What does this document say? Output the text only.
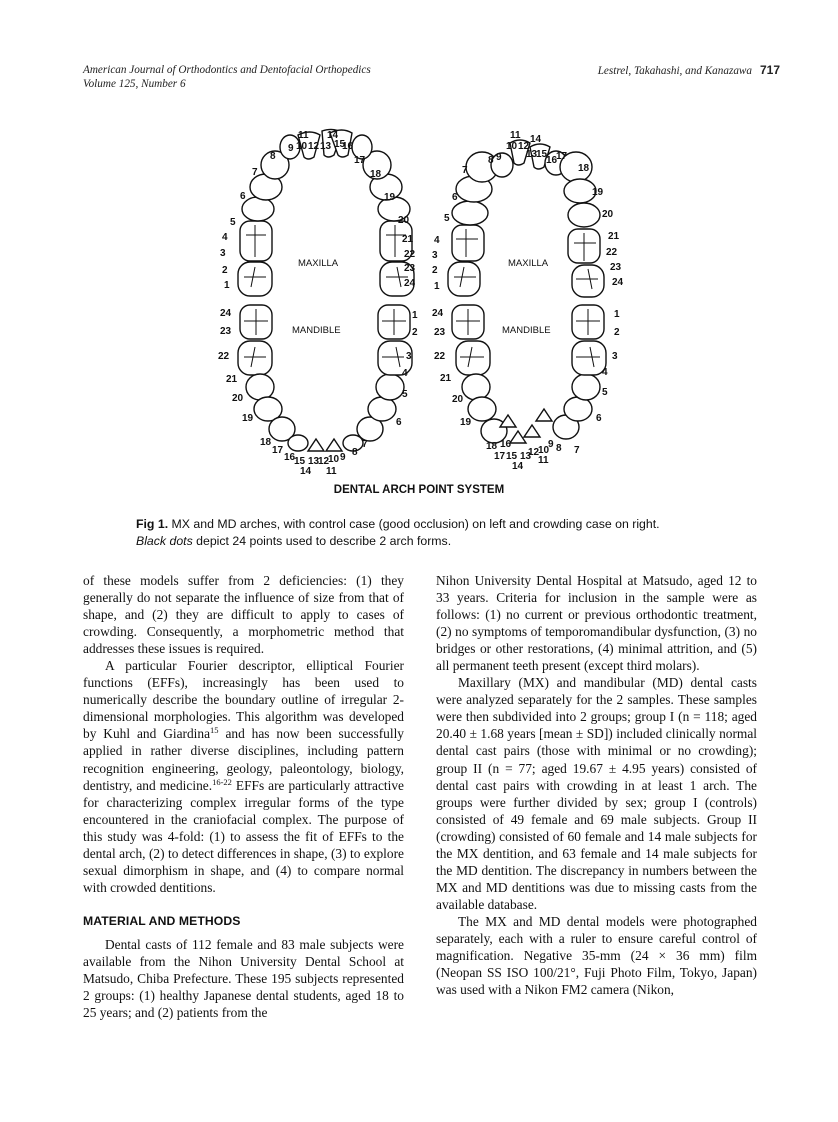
American Journal of Orthodontics and Dentofacial Orthopedics
Volume 125, Number 6
Lestrel, Takahashi, and Kanazawa 717
1
2
3
4
5
6
7
8
9 10
11
12 13
14
15
16
17
18
19
20
21
22
23
24
MAXILLA
24
23
22
21
20
19
18
17
16
15
14
13
12
11
10 9 8
7
6
5
4
3
2
1
MANDIBLE
1
2
3
4
5
6
7
8 9
10
11
12
13
14
15
16
17
18
19
20
21
22
23
24
MAXILLA
24
23
22
21
20
19
18
17
16
15
14
13
12
11
10
9 8 7
6
5
4
3
2
1
MANDIBLE
DENTAL ARCH POINT SYSTEM
Fig 1. MX and MD arches, with control case (good occlusion) on left and crowding case on right.
Black dots depict 24 points used to describe 2 arch forms.

of these models suffer from 2 deficiencies: (1) they generally do not separate the influence of size from that of shape, and (2) they are difficult to apply to cases of crowding. Consequently, a morphometric method that addresses these issues is required.

A particular Fourier descriptor, elliptical Fourier functions (EFFs), increasingly has been used to numerically describe the boundary outline of irregular 2-dimensional morphologies. This algorithm was developed by Kuhl and Giardina$^{15}$ and has now been successfully applied in rather diverse disciplines, including pattern recognition engineering, geology, paleontology, biology, dentistry, and medicine.$^{16-22}$ EFFs are particularly attractive for characterizing complex irregular forms of the type encountered in the craniofacial complex. The purpose of this study was 4-fold: (1) to assess the fit of EFFs to the dental arch, (2) to detect differences in shape, (3) to explore sexual dimorphism in shape, and (4) to compare normal with crowded dentitions.

MATERIAL AND METHODS

Dental casts of 112 female and 83 male subjects were available from the Nihon University Dental School at Matsudo, Chiba Prefecture. These 195 subjects represented 2 groups: (1) healthy Japanese dental students, aged 18 to 25 years; and (2) patients from the

Nihon University Dental Hospital at Matsudo, aged 12 to 33 years. Criteria for inclusion in the sample were as follows: (1) no current or previous orthodontic treatment, (2) no symptoms of temporomandibular dysfunction, (3) no bridges or other restorations, (4) minimal attrition, and (5) all permanent teeth present (except third molars).

Maxillary (MX) and mandibular (MD) dental casts were analyzed separately for the 2 samples. These samples were then subdivided into 2 groups; group I (n = 118; aged 20.40 ± 1.68 years [mean ± SD]) included clinically normal dental cast pairs (those with minimal or no crowding); group II (n = 77; aged 19.67 ± 4.95 years) consisted of dental cast pairs with crowding in at least 1 arch. The groups were further divided by sex; group I (controls) consisted of 49 female and 69 male subjects. Group II (crowding) consisted of 60 female and 14 male subjects for the MX dentition, and 63 female and 14 male subjects for the MD dentition. The discrepancy in numbers between the MX and MD dentitions was due to missing casts from the available database.

The MX and MD dental models were photographed separately, each with a ruler to ensure careful control of magnification. Negative 35-mm (24 × 36 mm) film (Neopan SS ISO 100/21°, Fuji Photo Film, Tokyo, Japan) was used with a Nikon FM2 camera (Nikon,
